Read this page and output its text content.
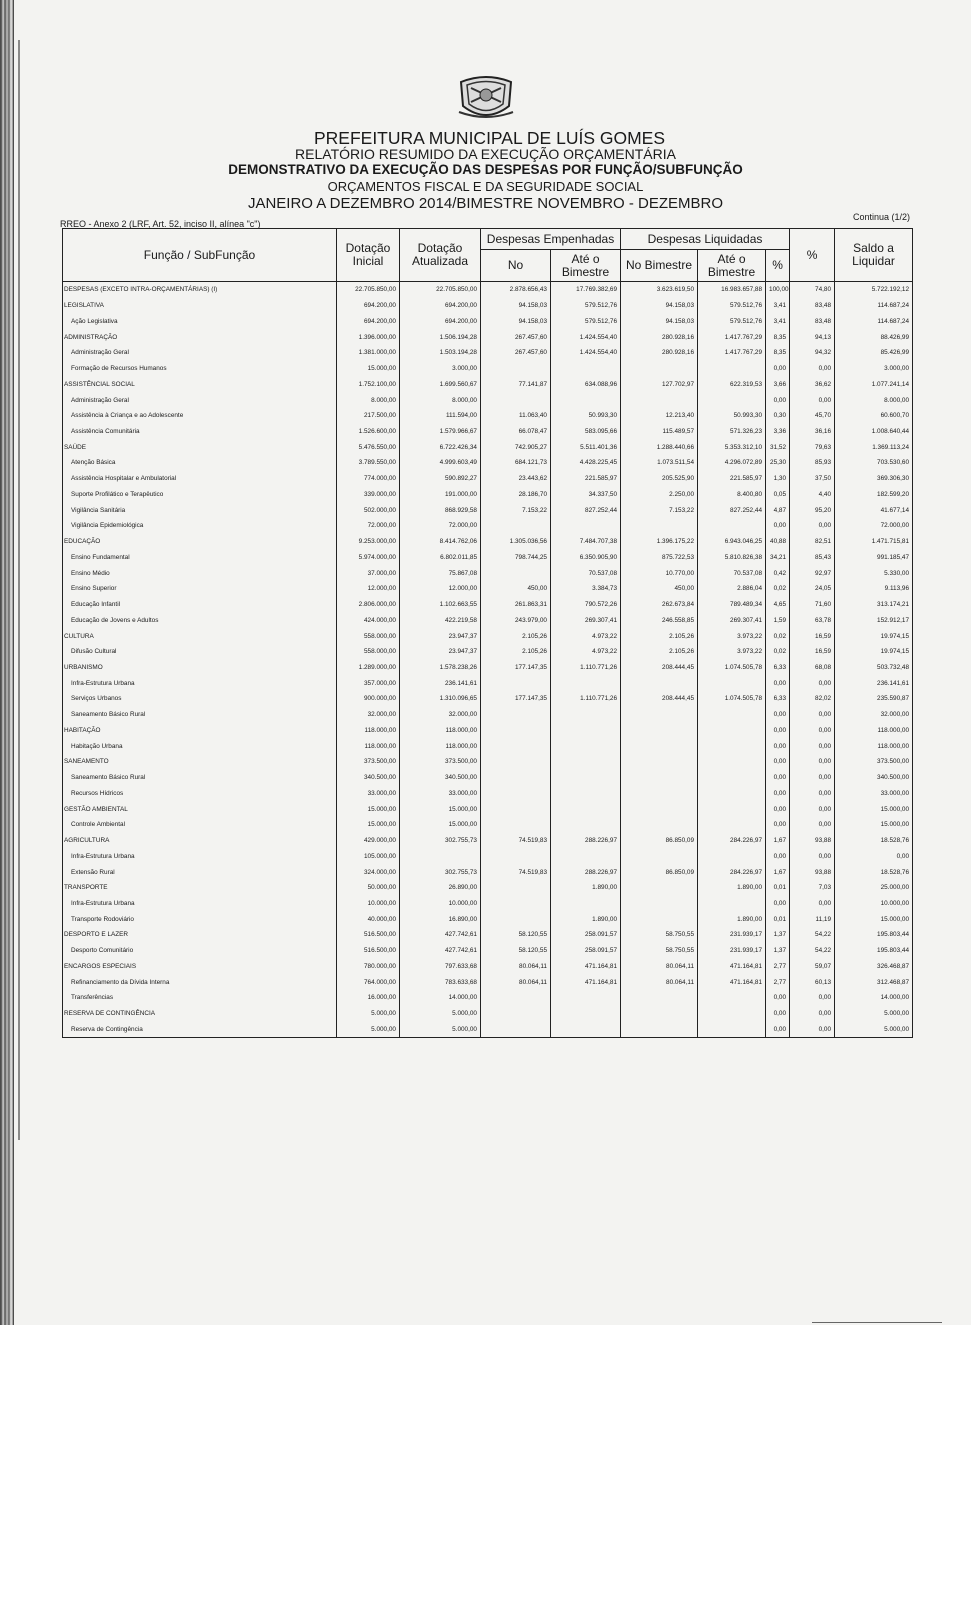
PREFEITURA MUNICIPAL DE LUÍS GOMES
RELATÓRIO RESUMIDO DA EXECUÇÃO ORÇAMENTÁRIA
DEMONSTRATIVO DA EXECUÇÃO DAS DESPESAS POR FUNÇÃO/SUBFUNÇÃO
ORÇAMENTOS FISCAL E DA SEGURIDADE SOCIAL
JANEIRO A DEZEMBRO 2014/BIMESTRE NOVEMBRO - DEZEMBRO
RREO - Anexo 2 (LRF, Art. 52, inciso II, alínea "c")
Continua (1/2)
Função / SubFunção	Dotação Inicial	Dotação Atualizada	Despesas Empenhadas		Despesas Liquidadas			%	Saldo a Liquidar
			No	Até o Bimestre	No Bimestre	Até o Bimestre	%		
DESPESAS (EXCETO INTRA-ORÇAMENTÁRIAS) (I)	22.705.850,00	22.705.850,00	2.878.656,43	17.769.382,69	3.623.619,50	16.983.657,88	100,00	74,80	5.722.192,12
LEGISLATIVA	694.200,00	694.200,00	94.158,03	579.512,76	94.158,03	579.512,76	3,41	83,48	114.687,24
Ação Legislativa	694.200,00	694.200,00	94.158,03	579.512,76	94.158,03	579.512,76	3,41	83,48	114.687,24
ADMINISTRAÇÃO	1.396.000,00	1.506.194,28	267.457,60	1.424.554,40	280.928,16	1.417.767,29	8,35	94,13	88.426,99
Administração Geral	1.381.000,00	1.503.194,28	267.457,60	1.424.554,40	280.928,16	1.417.767,29	8,35	94,32	85.426,99
Formação de Recursos Humanos	15.000,00	3.000,00					0,00	0,00	3.000,00
ASSISTÊNCIAL SOCIAL	1.752.100,00	1.699.560,67	77.141,87	634.088,96	127.702,97	622.319,53	3,66	36,62	1.077.241,14
Administração Geral	8.000,00	8.000,00					0,00	0,00	8.000,00
Assistência à Criança e ao Adolescente	217.500,00	111.594,00	11.063,40	50.993,30	12.213,40	50.993,30	0,30	45,70	60.600,70
Assistência Comunitária	1.526.600,00	1.579.966,67	66.078,47	583.095,66	115.489,57	571.326,23	3,36	36,16	1.008.640,44
SAÚDE	5.476.550,00	6.722.426,34	742.905,27	5.511.401,36	1.288.440,66	5.353.312,10	31,52	79,63	1.369.113,24
Atenção Básica	3.789.550,00	4.999.603,49	684.121,73	4.428.225,45	1.073.511,54	4.296.072,89	25,30	85,93	703.530,60
Assistência Hospitalar e Ambulatorial	774.000,00	590.892,27	23.443,62	221.585,97	205.525,90	221.585,97	1,30	37,50	369.306,30
Suporte Profilático e Terapêutico	339.000,00	191.000,00	28.186,70	34.337,50	2.250,00	8.400,80	0,05	4,40	182.599,20
Vigilância Sanitária	502.000,00	868.929,58	7.153,22	827.252,44	7.153,22	827.252,44	4,87	95,20	41.677,14
Vigilância Epidemiológica	72.000,00	72.000,00					0,00	0,00	72.000,00
EDUCAÇÃO	9.253.000,00	8.414.762,06	1.305.036,56	7.484.707,38	1.396.175,22	6.943.046,25	40,88	82,51	1.471.715,81
Ensino Fundamental	5.974.000,00	6.802.011,85	798.744,25	6.350.905,90	875.722,53	5.810.826,38	34,21	85,43	991.185,47
Ensino Médio	37.000,00	75.867,08		70.537,08	10.770,00	70.537,08	0,42	92,97	5.330,00
Ensino Superior	12.000,00	12.000,00	450,00	3.384,73	450,00	2.886,04	0,02	24,05	9.113,96
Educação Infantil	2.806.000,00	1.102.663,55	261.863,31	790.572,26	262.673,84	789.489,34	4,65	71,60	313.174,21
Educação de Jovens e Adultos	424.000,00	422.219,58	243.979,00	269.307,41	246.558,85	269.307,41	1,59	63,78	152.912,17
CULTURA	558.000,00	23.947,37	2.105,26	4.973,22	2.105,26	3.973,22	0,02	16,59	19.974,15
Difusão Cultural	558.000,00	23.947,37	2.105,26	4.973,22	2.105,26	3.973,22	0,02	16,59	19.974,15
URBANISMO	1.289.000,00	1.578.238,26	177.147,35	1.110.771,26	208.444,45	1.074.505,78	6,33	68,08	503.732,48
Infra-Estrutura Urbana	357.000,00	236.141,61					0,00	0,00	236.141,61
Serviços Urbanos	900.000,00	1.310.096,65	177.147,35	1.110.771,26	208.444,45	1.074.505,78	6,33	82,02	235.590,87
Saneamento Básico Rural	32.000,00	32.000,00					0,00	0,00	32.000,00
HABITAÇÃO	118.000,00	118.000,00					0,00	0,00	118.000,00
Habitação Urbana	118.000,00	118.000,00					0,00	0,00	118.000,00
SANEAMENTO	373.500,00	373.500,00					0,00	0,00	373.500,00
Saneamento Básico Rural	340.500,00	340.500,00					0,00	0,00	340.500,00
Recursos Hídricos	33.000,00	33.000,00					0,00	0,00	33.000,00
GESTÃO AMBIENTAL	15.000,00	15.000,00					0,00	0,00	15.000,00
Controle Ambiental	15.000,00	15.000,00					0,00	0,00	15.000,00
AGRICULTURA	429.000,00	302.755,73	74.519,83	288.226,97	86.850,09	284.226,97	1,67	93,88	18.528,76
Infra-Estrutura Urbana	105.000,00						0,00	0,00	0,00
Extensão Rural	324.000,00	302.755,73	74.519,83	288.226,97	86.850,09	284.226,97	1,67	93,88	18.528,76
TRANSPORTE	50.000,00	26.890,00		1.890,00		1.890,00	0,01	7,03	25.000,00
Infra-Estrutura Urbana	10.000,00	10.000,00					0,00	0,00	10.000,00
Transporte Rodoviário	40.000,00	16.890,00		1.890,00		1.890,00	0,01	11,19	15.000,00
DESPORTO E LAZER	516.500,00	427.742,61	58.120,55	258.091,57	58.750,55	231.939,17	1,37	54,22	195.803,44
Desporto Comunitário	516.500,00	427.742,61	58.120,55	258.091,57	58.750,55	231.939,17	1,37	54,22	195.803,44
ENCARGOS ESPECIAIS	780.000,00	797.633,68	80.064,11	471.164,81	80.064,11	471.164,81	2,77	59,07	326.468,87
Refinanciamento da Dívida Interna	764.000,00	783.633,68	80.064,11	471.164,81	80.064,11	471.164,81	2,77	60,13	312.468,87
Transferências	16.000,00	14.000,00					0,00	0,00	14.000,00
RESERVA DE CONTINGÊNCIA	5.000,00	5.000,00					0,00	0,00	5.000,00
Reserva de Contingência	5.000,00	5.000,00					0,00	0,00	5.000,00
